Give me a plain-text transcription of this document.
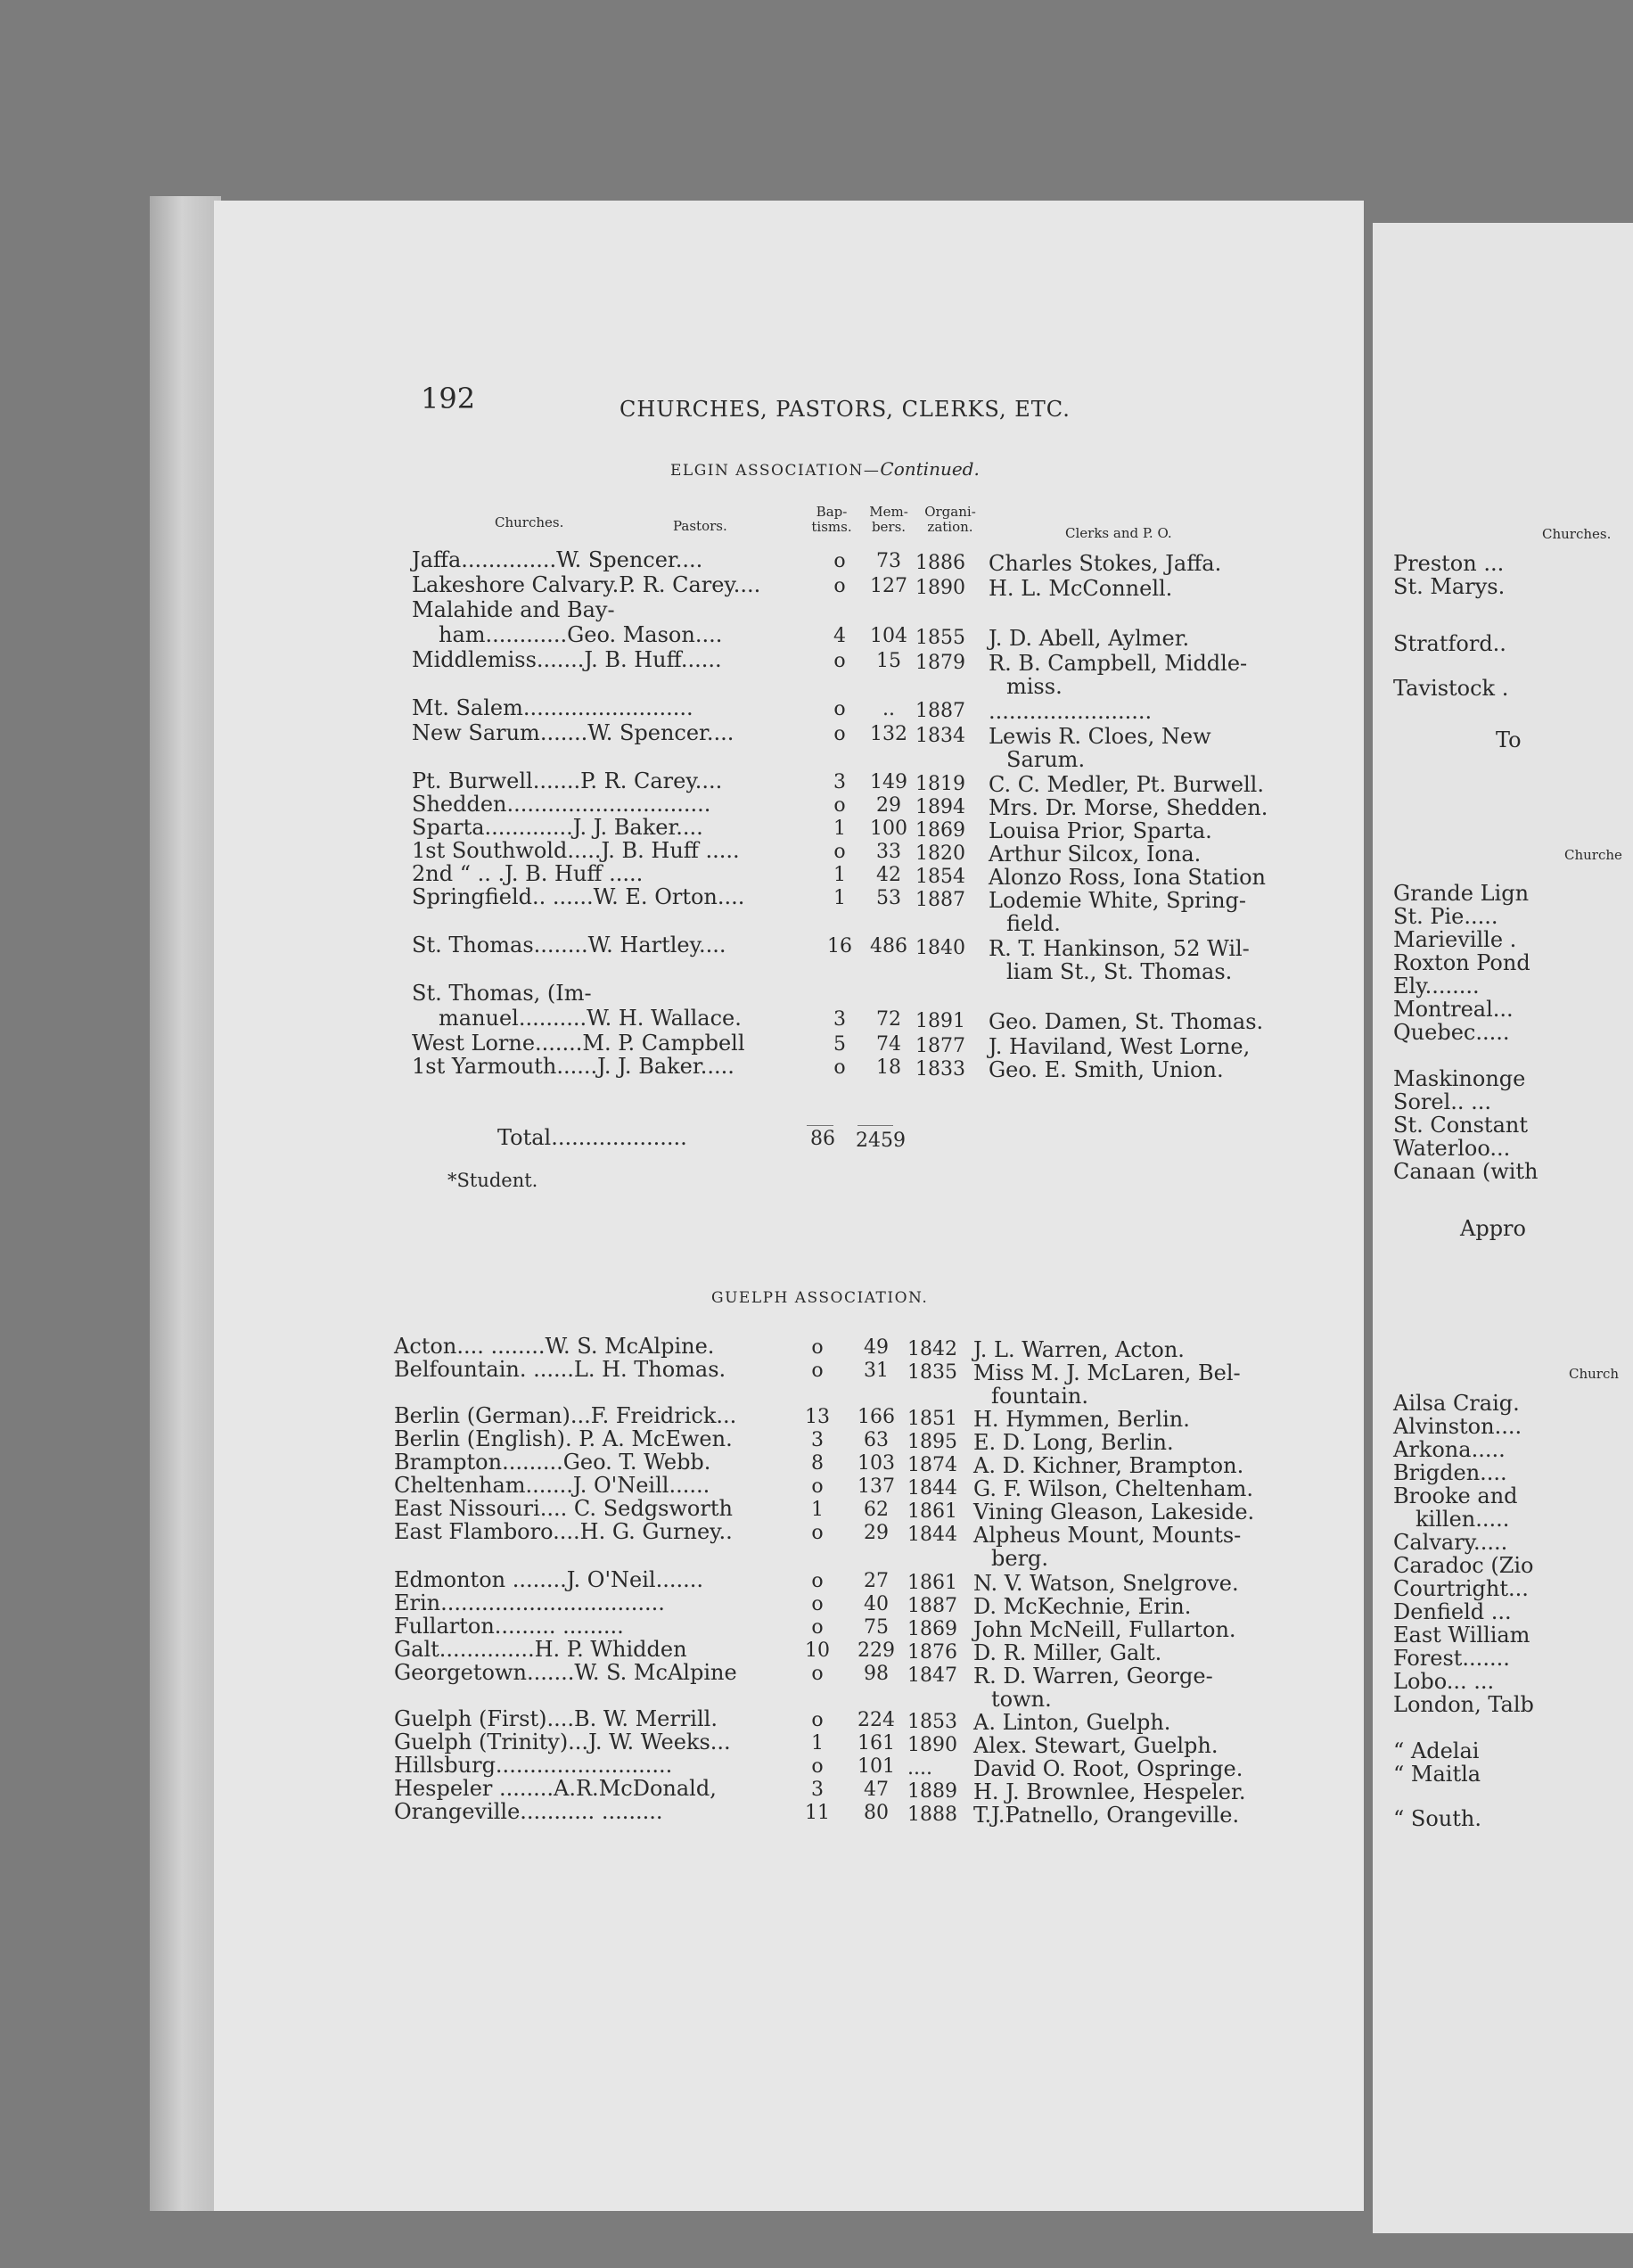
Churches.
Preston ...
St. Marys.
Stratford..
Tavistock .
To
Churche
Grande Lign
St. Pie.....
Marieville .
Roxton Pond
Ely........
Montreal...
Quebec.....
Maskinonge
Sorel.. ...
St. Constant
Waterloo...
Canaan (with
Appro
Church
Ailsa Craig.
Alvinston....
Arkona.....
Brigden....
Brooke and
killen.....
Calvary.....
Caradoc (Zio
Courtright...
Denfield ...
East William
Forest.......
Lobo... ...
London, Talb
“ Adelai
“ Maitla
“ South.
192	CHURCHES, PASTORS, CLERKS, ETC.
ELGIN ASSOCIATION—Continued.
Churches.	Pastors.
Bap-
tisms.
Mem-
bers.
Organi-
zation.	Clerks and P. O.
Jaffa..............W. Spencer....	o	73 1886 Charles Stokes, Jaffa.
Lakeshore Calvary.P. R. Carey....	o	127 1890 H. L. McConnell.
Malahide and Bay-
ham............Geo. Mason....	4	104 1855 J. D. Abell, Aylmer.
Middlemiss.......J. B. Huff......	o	15 1879 R. B. Campbell, Middle-
miss.
Mt. Salem.........................	o	..	1887 ........................
New Sarum.......W. Spencer....	o	132 1834 Lewis R. Cloes, New
Sarum.
Pt. Burwell.......P. R. Carey....	3	149 1819 C. C. Medler, Pt. Burwell.
Shedden..............................	o	29 1894 Mrs. Dr. Morse, Shedden.
Sparta.............J. J. Baker....	1	100 1869 Louisa Prior, Sparta.
1st Southwold.....J. B. Huff .....	o	33 1820 Arthur Silcox, Iona.
2nd “ .. .J. B. Huff .....	1	42 1854 Alonzo Ross, Iona Station
Springfield.. ......W. E. Orton....	1	53 1887 Lodemie White, Spring-
field.
St. Thomas........W. Hartley....	16 486 1840 R. T. Hankinson, 52 Wil-
liam St., St. Thomas.
St. Thomas, (Im-
manuel..........W. H. Wallace.	3	72 1891 Geo. Damen, St. Thomas.
West Lorne.......M. P. Campbell	5	74 1877 J. Haviland, West Lorne,
1st Yarmouth......J. J. Baker.....	o	18 1833 Geo. E. Smith, Union.
Total....................	86	2459
*Student.
GUELPH ASSOCIATION.
Acton.... ........W. S. McAlpine.	o	49 1842 J. L. Warren, Acton.
Belfountain. ......L. H. Thomas.	o	31 1835 Miss M. J. McLaren, Bel-
fountain.
Berlin (German)...F. Freidrick...	13	166 1851 H. Hymmen, Berlin.
Berlin (English). P. A. McEwen.	3	63 1895 E. D. Long, Berlin.
Brampton.........Geo. T. Webb.	8	103 1874 A. D. Kichner, Brampton.
Cheltenham.......J. O'Neill......	o	137 1844 G. F. Wilson, Cheltenham.
East Nissouri.... C. Sedgsworth	1	62 1861 Vining Gleason, Lakeside.
East Flamboro....H. G. Gurney..	o	29 1844 Alpheus Mount, Mounts-
berg.
Edmonton ........J. O'Neil.......	o	27 1861 N. V. Watson, Snelgrove.
Erin.................................	o	40 1887 D. McKechnie, Erin.
Fullarton......... .........	o	75 1869 John McNeill, Fullarton.
Galt..............H. P. Whidden	10	229 1876 D. R. Miller, Galt.
Georgetown.......W. S. McAlpine	o	98 1847 R. D. Warren, George-
town.
Guelph (First)....B. W. Merrill.	o	224 1853 A. Linton, Guelph.
Guelph (Trinity)...J. W. Weeks...	1	161 1890 Alex. Stewart, Guelph.
Hillsburg..........................	o	101 .... David O. Root, Ospringe.
Hespeler ........A.R.McDonald,	3	47 1889 H. J. Brownlee, Hespeler.
Orangeville........... .........	11	80 1888 T.J.Patnello, Orangeville.
